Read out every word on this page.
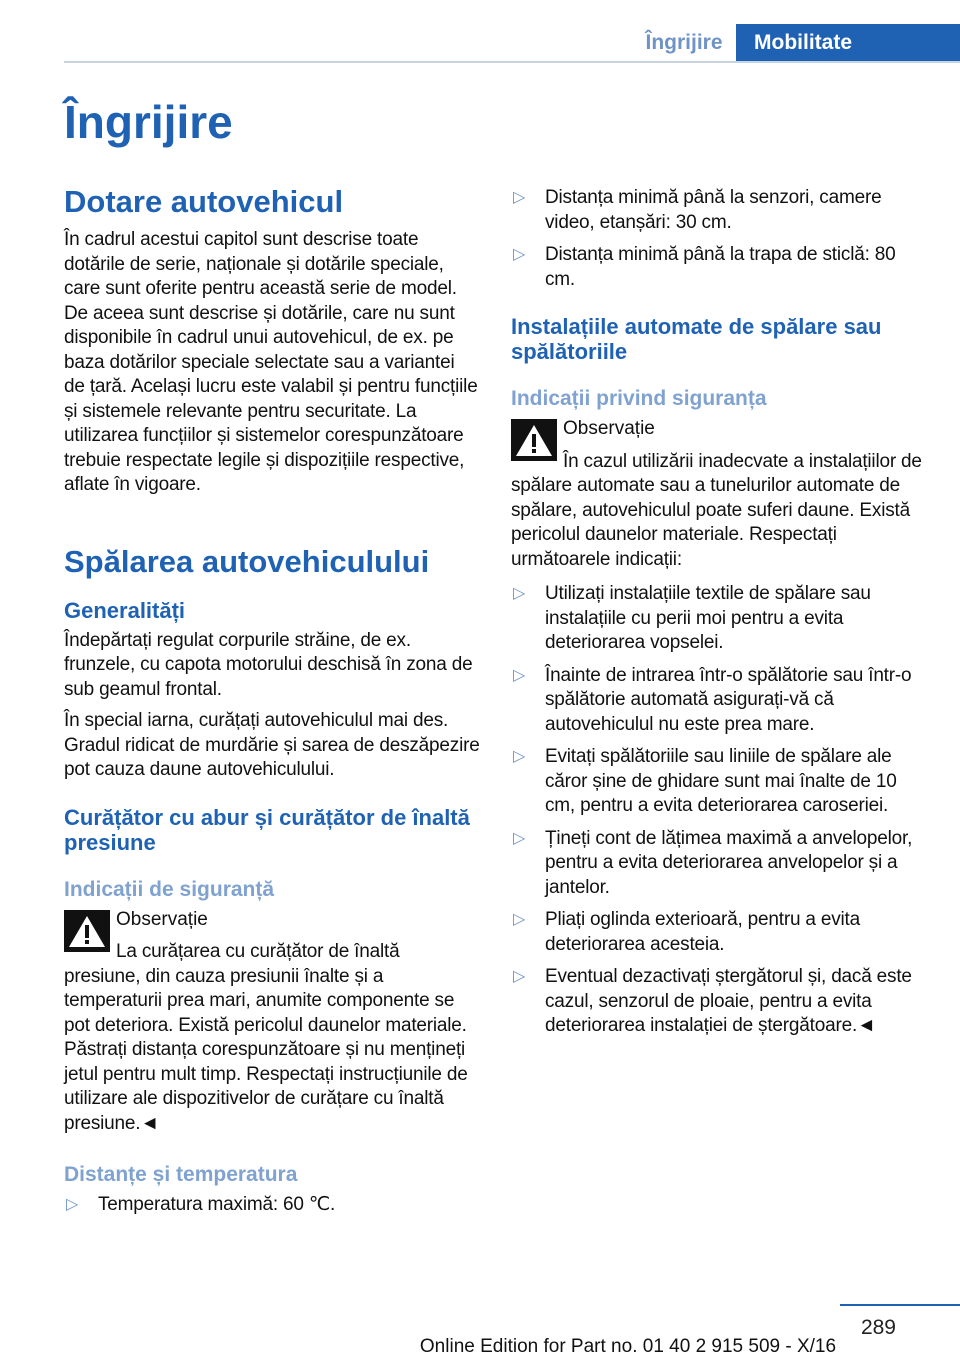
Îngrijire	Mobilitate
Îngrijire
Dotare autovehicul

În cadrul acestui capitol sunt descrise toate dotările de serie, naționale și dotările speciale, care sunt oferite pentru această serie de model. De aceea sunt descrise și dotările, care nu sunt disponibile în cadrul unui autovehicul, de ex. pe baza dotărilor speciale selectate sau a variantei de țară. Același lucru este valabil și pentru funcțiile și sistemele relevante pentru securitate. La utilizarea funcțiilor și sistemelor corespunzătoare trebuie respectate legile și dispozițiile respective, aflate în vigoare.

Spălarea autovehiculului
Generalități

Îndepărtați regulat corpurile străine, de ex. frunzele, cu capota motorului deschisă în zona de sub geamul frontal.

În special iarna, curățați autovehiculul mai des. Gradul ridicat de murdărie și sarea de deszăpezire pot cauza daune autovehiculului.

Curățător cu abur și curățător de înaltă presiune
Indicații de siguranță
Observație

La curățarea cu curățător de înaltă presiune, din cauza presiunii înalte și a temperaturii prea mari, anumite componente se pot deteriora. Există pericolul daunelor materiale. Păstrați distanța corespunzătoare și nu mențineți jetul pentru mult timp. Respectați instrucțiunile de utilizare ale dispozitivelor de curățare cu înaltă presiune.◄

Distanțe și temperatura
▷ Temperatura maximă: 60 ℃.
▷ Distanța minimă până la senzori, camere video, etanșări: 30 cm.
▷ Distanța minimă până la trapa de sticlă: 80 cm.
Instalațiile automate de spălare sau spălătoriile
Indicații privind siguranța
Observație

În cazul utilizării inadecvate a instalațiilor de spălare automate sau a tunelurilor automate de spălare, autovehiculul poate suferi daune. Există pericolul daunelor materiale. Respectați următoarele indicații:

▷ Utilizați instalațiile textile de spălare sau instalațiile cu perii moi pentru a evita deteriorarea vopselei.
▷ Înainte de intrarea într-o spălătorie sau într-o spălătorie automată asigurați-vă că autovehiculul nu este prea mare.
▷ Evitați spălătoriile sau liniile de spălare ale căror șine de ghidare sunt mai înalte de 10 cm, pentru a evita deteriorarea caroseriei.
▷ Țineți cont de lățimea maximă a anvelopelor, pentru a evita deteriorarea anvelopelor și a jantelor.
▷ Pliați oglinda exterioară, pentru a evita deteriorarea acesteia.
▷ Eventual dezactivați ștergătorul și, dacă este cazul, senzorul de ploaie, pentru a evita deteriorarea instalației de ștergătoare.◄
289
Online Edition for Part no. 01 40 2 915 509 - X/16
